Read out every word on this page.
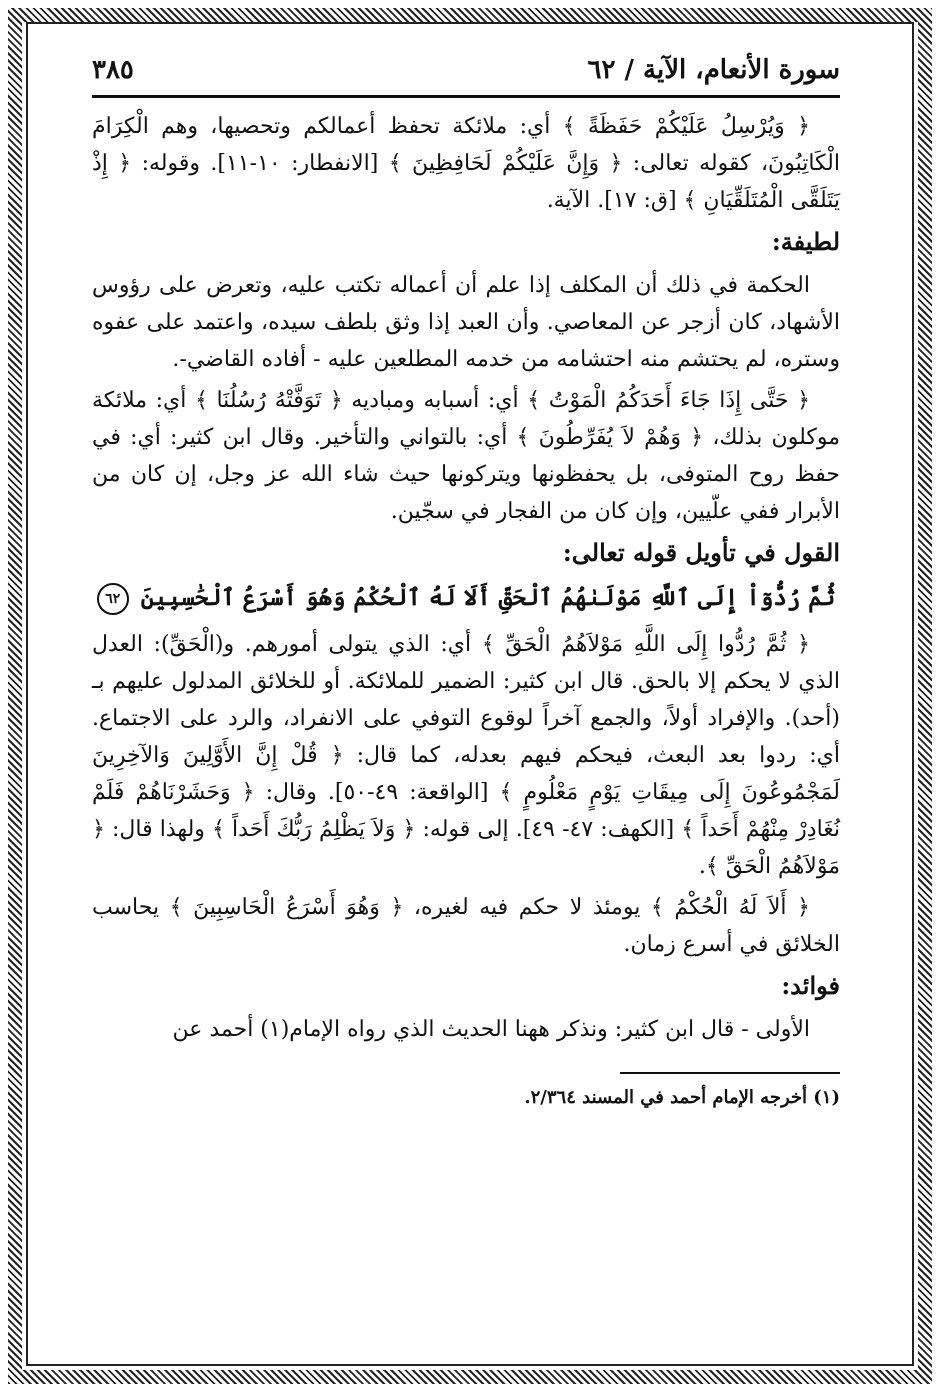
سورة الأنعام، الآية / ٦٢
٣٨٥

﴿ وَيُرْسِلُ عَلَيْكُمْ حَفَظَةً ﴾ أي: ملائكة تحفظ أعمالكم وتحصيها، وهم الْكِرَامَ الْكَاتِبُونَ، كقوله تعالى: ﴿ وَإِنَّ عَلَيْكُمْ لَحَافِظِينَ ﴾ [الانفطار: ١٠-١١]. وقوله: ﴿ إِذْ يَتَلَقَّى الْمُتَلَقِّيَانِ ﴾ [ق: ١٧]. الآية.

لطيفة:

الحكمة في ذلك أن المكلف إذا علم أن أعماله تكتب عليه، وتعرض على رؤوس الأشهاد، كان أزجر عن المعاصي. وأن العبد إذا وثق بلطف سيده، واعتمد على عفوه وستره، لم يحتشم منه احتشامه من خدمه المطلعين عليه - أفاده القاضي-.

﴿ حَتَّى إِذَا جَاءَ أَحَدَكُمُ الْمَوْتُ ﴾ أي: أسبابه ومباديه ﴿ تَوَفَّتْهُ رُسُلُنَا ﴾ أي: ملائكة موكلون بذلك، ﴿ وَهُمْ لاَ يُفَرِّطُونَ ﴾ أي: بالتواني والتأخير. وقال ابن كثير: أي: في حفظ روح المتوفى، بل يحفظونها ويتركونها حيث شاء الله عز وجل، إن كان من الأبرار ففي علّيين، وإن كان من الفجار في سجّين.

القول في تأويل قوله تعالى:
ثُمَّ رُدُّوٓاْ إِلَى ٱللَّهِ مَوْلَىٰهُمُ ٱلْحَقِّ أَلَا لَهُ ٱلْحُكْمُ وَهُوَ أَسْرَعُ ٱلْحَٰسِبِينَ ٦٢

﴿ ثُمَّ رُدُّوا إِلَى اللَّهِ مَوْلاَهُمُ الْحَقِّ ﴾ أي: الذي يتولى أمورهم. و(الْحَقِّ): العدل الذي لا يحكم إلا بالحق. قال ابن كثير: الضمير للملائكة. أو للخلائق المدلول عليهم بـ (أحد). والإفراد أولاً، والجمع آخراً لوقوع التوفي على الانفراد، والرد على الاجتماع. أي: ردوا بعد البعث، فيحكم فيهم بعدله، كما قال: ﴿ قُلْ إِنَّ الأَوَّلِينَ وَالآخِرِينَ لَمَجْمُوعُونَ إِلَى مِيقَاتِ يَوْمٍ مَعْلُومٍ ﴾ [الواقعة: ٤٩-٥٠]. وقال: ﴿ وَحَشَرْنَاهُمْ فَلَمْ نُغَادِرْ مِنْهُمْ أَحَداً ﴾ [الكهف: ٤٧- ٤٩]. إلى قوله: ﴿ وَلاَ يَظْلِمُ رَبُّكَ أَحَداً ﴾ ولهذا قال: ﴿ مَوْلاَهُمُ الْحَقِّ ﴾.

﴿ أَلاَ لَهُ الْحُكْمُ ﴾ يومئذ لا حكم فيه لغيره، ﴿ وَهُوَ أَسْرَعُ الْحَاسِبِينَ ﴾ يحاسب الخلائق في أسرع زمان.

فوائد:

الأولى - قال ابن كثير: ونذكر ههنا الحديث الذي رواه الإمام(١) أحمد عن

(١) أخرجه الإمام أحمد في المسند ٢/٣٦٤.
